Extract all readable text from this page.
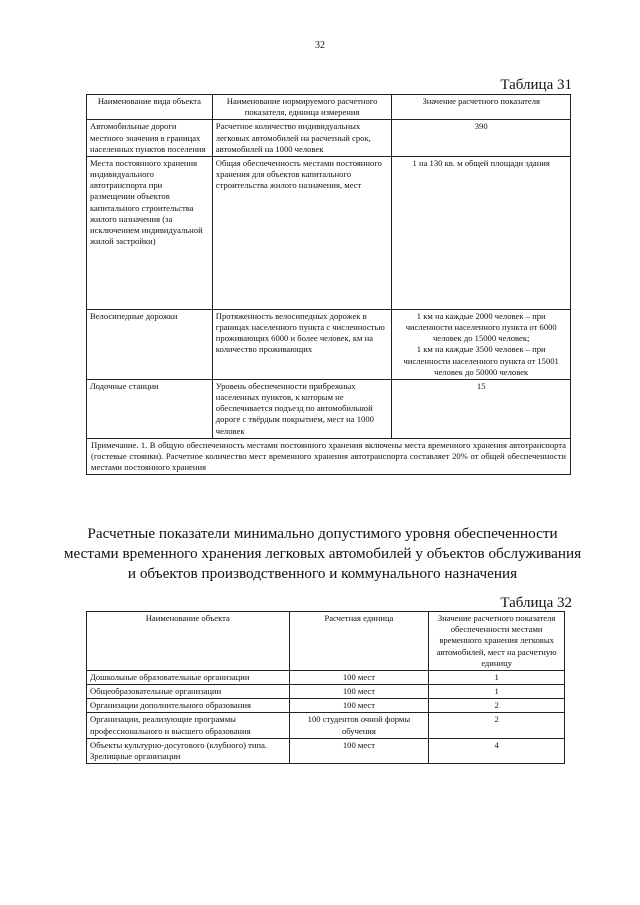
32
Таблица 31
Наименование вида объекта	Наименование нормируемого расчетного показателя, единица измерения	Значение расчетного показателя
Автомобильные дороги местного значения в границах населенных пунктов поселения	Расчетное количество индивидуальных легковых автомобилей на расчетный срок, автомобилей на 1000 человек	390
Места постоянного хранения индивидуального автотранспорта при размещении объектов капитального строительства жилого назначения (за исключением индивидуальной жилой застройки)	Общая обеспеченность местами постоянного хранения для объектов капитального строительства жилого назначения, мест	1 на 130 кв. м общей площади здания
Велосипедные дорожки	Протяженность велосипедных дорожек в границах населенного пункта с численностью проживающих 6000 и более человек, км на количество проживающих	1 км на каждые 2000 человек – при численности населенного пункта от 6000 человек до 15000 человек;
1 км на каждые 3500 человек – при численности населенного пункта от 15001 человек до 50000 человек

Лодочные станции	Уровень обеспеченности прибрежных населенных пунктов, к которым не обеспечивается подъезд по автомобильной дороге с твёрдым покрытием, мест на 1000 человек	15
Примечание. 1. В общую обеспеченность местами постоянного хранения включены места временного хранения автотранспорта (гостевые стоянки). Расчетное количество мест временного хранения автотранспорта составляет 20% от общей обеспеченности местами постоянного хранения		
Расчетные показатели минимально допустимого уровня обеспеченности местами временного хранения легковых автомобилей у объектов обслуживания и объектов производственного и коммунального назначения
Таблица 32
Наименование объекта	Расчетная единица	Значение расчетного показателя обеспеченности местами временного хранения легковых автомобилей, мест на расчетную единицу
Дошкольные образовательные организации	100 мест	1
Общеобразовательные организации	100 мест	1
Организации дополнительного образования	100 мест	2
Организации, реализующие программы профессионального и высшего образования	100 студентов очной формы обучения	2
Объекты культурно-досугового (клубного) типа. Зрелищные организации	100 мест	4
